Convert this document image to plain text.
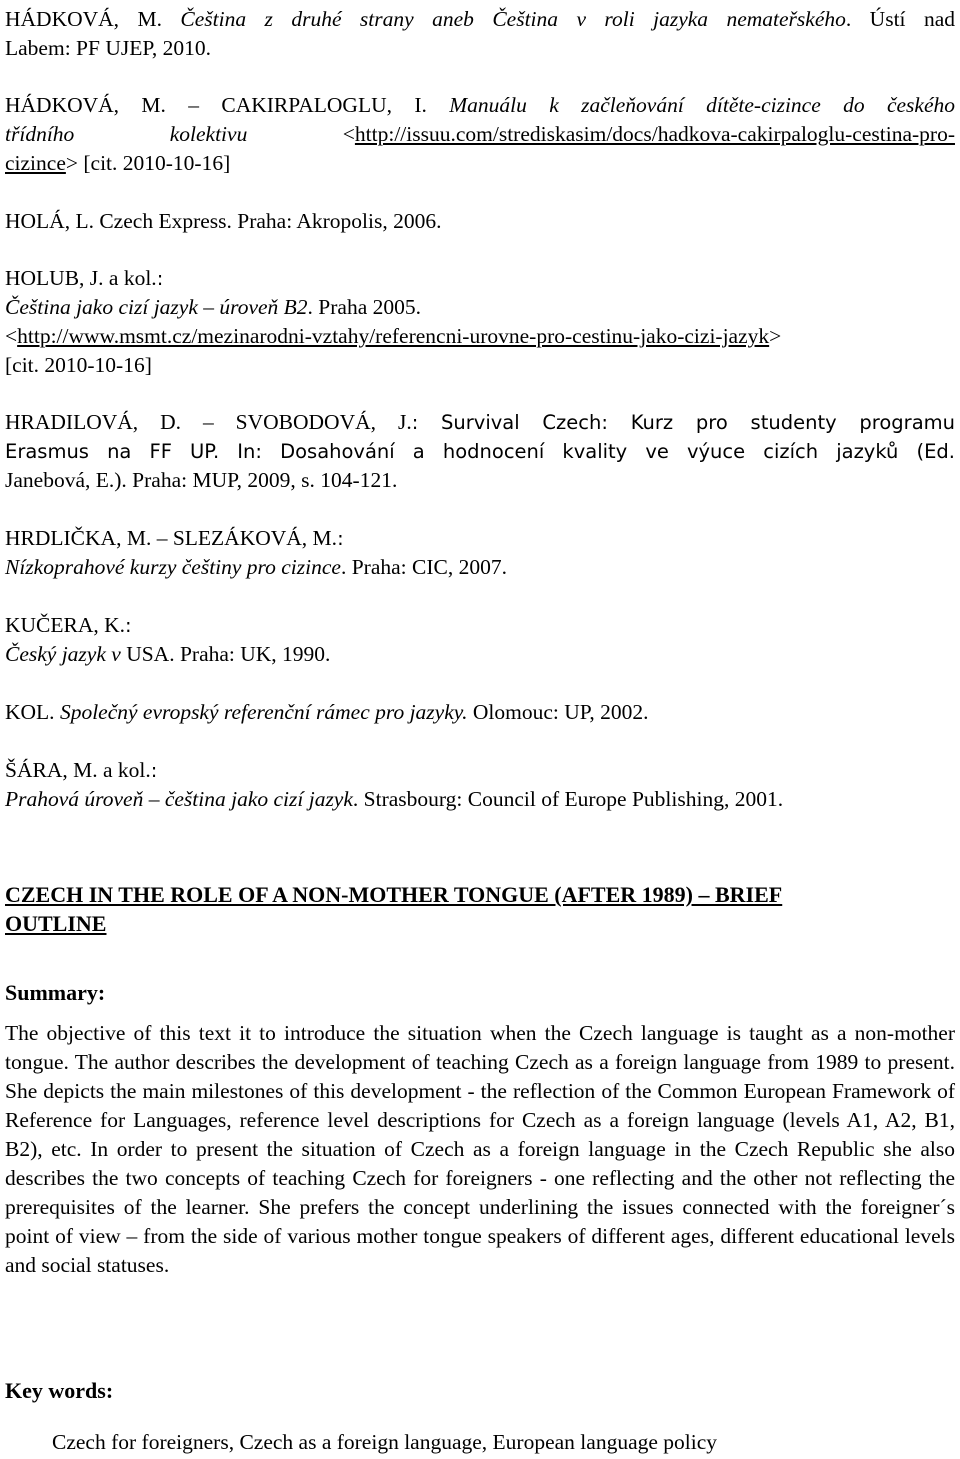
HÁDKOVÁ, M. Čeština z druhé strany aneb Čeština v roli jazyka nemateřského. Ústí nad
Labem: PF UJEP, 2010.
HÁDKOVÁ, M. – CAKIRPALOGLU, I. Manuálu k začleňování dítěte-cizince do českého
třídního kolektivu <http://issuu.com/strediskasim/docs/hadkova-cakirpaloglu-cestina-pro-
cizince> [cit. 2010-10-16]
HOLÁ, L. Czech Express. Praha: Akropolis, 2006.
HOLUB, J. a kol.:
Čeština jako cizí jazyk – úroveň B2. Praha 2005.
<http://www.msmt.cz/mezinarodni-vztahy/referencni-urovne-pro-cestinu-jako-cizi-jazyk>
[cit. 2010-10-16]
HRADILOVÁ, D. – SVOBODOVÁ, J.: Survival Czech: Kurz pro studenty programu
Erasmus na FF UP. In: Dosahování a hodnocení kvality ve výuce cizích jazyků (Ed.
Janebová, E.). Praha: MUP, 2009, s. 104-121.
HRDLIČKA, M. – SLEZÁKOVÁ, M.:
Nízkoprahové kurzy češtiny pro cizince. Praha: CIC, 2007.
KUČERA, K.:
Český jazyk v USA. Praha: UK, 1990.
KOL. Společný evropský referenční rámec pro jazyky. Olomouc: UP, 2002.
ŠÁRA, M. a kol.:
Prahová úroveň – čeština jako cizí jazyk. Strasbourg: Council of Europe Publishing, 2001.
CZECH IN THE ROLE OF A NON-MOTHER TONGUE (AFTER 1989) – BRIEF
OUTLINE
Summary:
The objective of this text it to introduce the situation when the Czech language is taught as a non-mother tongue. The author describes the development of teaching Czech as a foreign language from 1989 to present. She depicts the main milestones of this development - the reflection of the Common European Framework of Reference for Languages, reference level descriptions for Czech as a foreign language (levels A1, A2, B1, B2), etc. In order to present the situation of Czech as a foreign language in the Czech Republic she also describes the two concepts of teaching Czech for foreigners - one reflecting and the other not reflecting the prerequisites of the learner. She prefers the concept underlining the issues connected with the foreigner´s point of view – from the side of various mother tongue speakers of different ages, different educational levels and social statuses.
Key words:
Czech for foreigners, Czech as a foreign language, European language policy
